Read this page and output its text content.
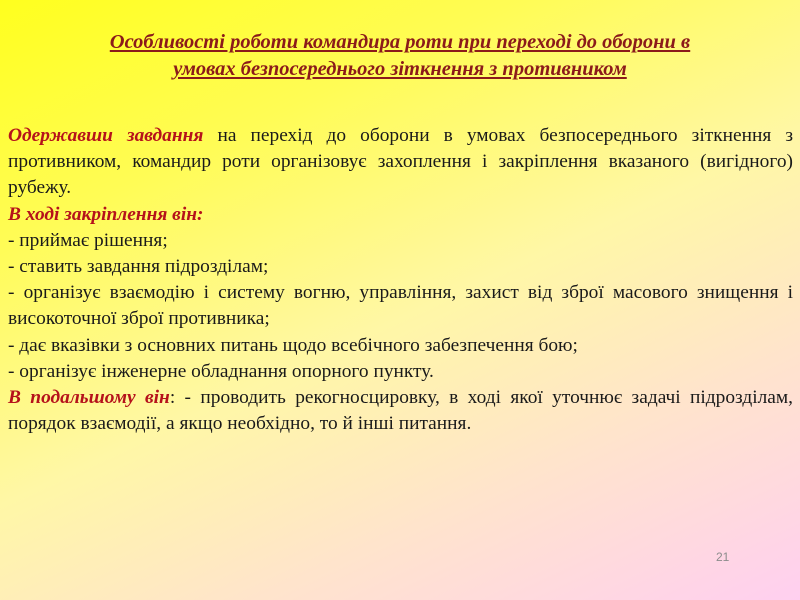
Особливості роботи командира роти при переході до оборони в
умовах безпосереднього зіткнення з противником

Одержавши завдання на перехід до оборони в умовах безпосереднього зіткнення з противником, командир роти організовує захоплення і закріплення вказаного (вигідного) рубежу.

В ході закріплення він:

- приймає рішення;

- ставить завдання підрозділам;

- організує взаємодію і систему вогню, управління, захист від зброї масового знищення і високоточної зброї противника;

- дає вказівки з основних питань щодо всебічного забезпечення бою;

- організує інженерне обладнання опорного пункту.

В подальшому він: - проводить рекогносцировку, в ході якої уточнює задачі підрозділам, порядок взаємодії, а якщо необхідно, то й інші питання.

21
